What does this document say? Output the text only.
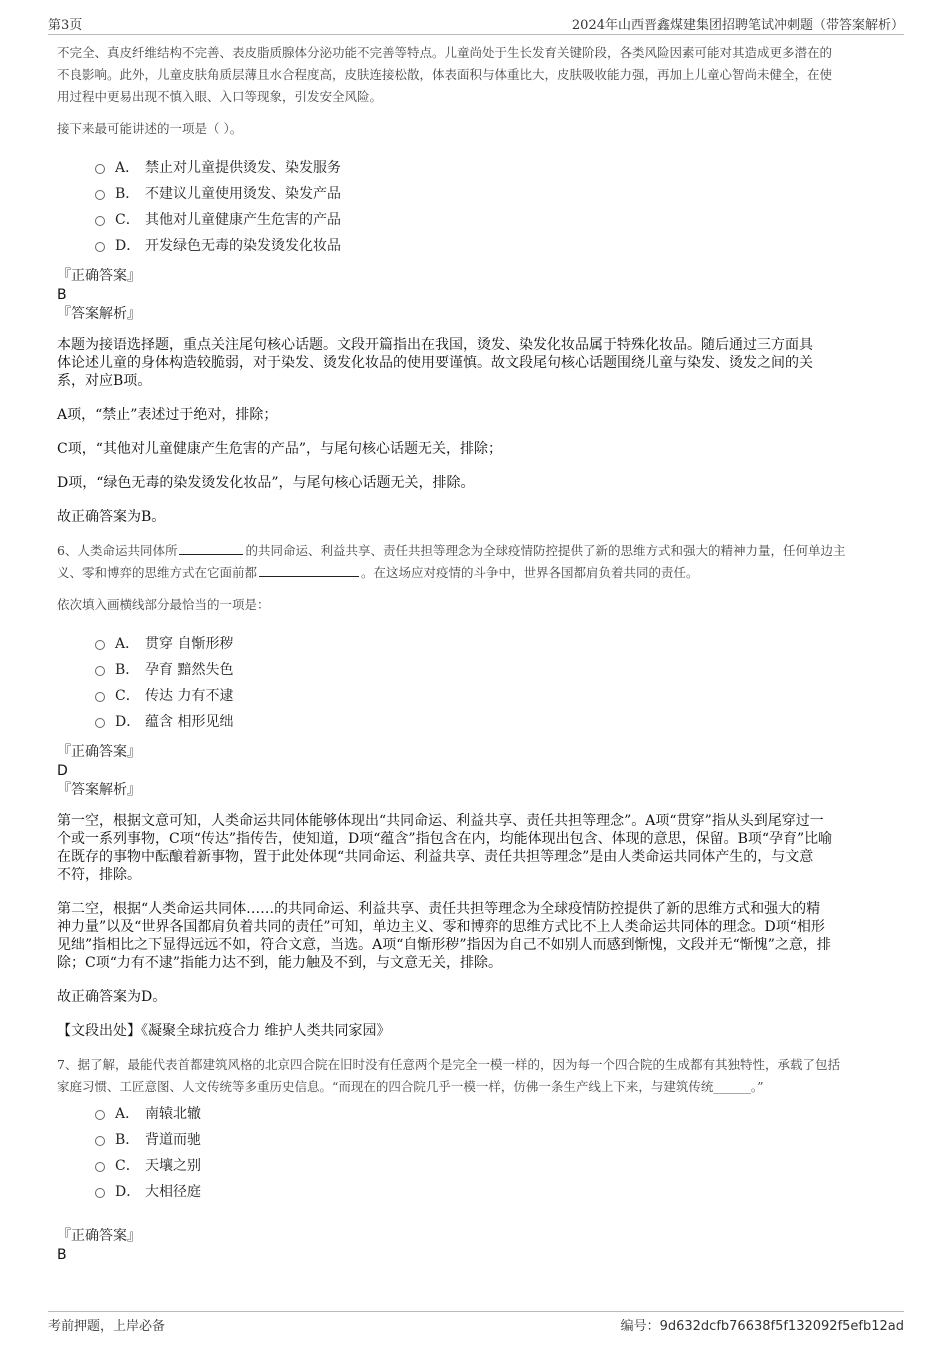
第3页	2024年山西晋鑫煤建集团招聘笔试冲刺题（带答案解析）

不完全、真皮纤维结构不完善、表皮脂质腺体分泌功能不完善等特点。儿童尚处于生长发育关键阶段，各类风险因素可能对其造成更多潜在的

不良影响。此外，儿童皮肤角质层薄且水合程度高，皮肤连接松散，体表面积与体重比大，皮肤吸收能力强，再加上儿童心智尚未健全，在使

用过程中更易出现不慎入眼、入口等现象，引发安全风险。

接下来最可能讲述的一项是（ ）。

A． 禁止对儿童提供烫发、染发服务
B． 不建议儿童使用烫发、染发产品
C． 其他对儿童健康产生危害的产品
D． 开发绿色无毒的染发烫发化妆品

『正确答案』

B

『答案解析』

本题为接语选择题，重点关注尾句核心话题。文段开篇指出在我国，烫发、染发化妆品属于特殊化妆品。随后通过三方面具

体论述儿童的身体构造较脆弱，对于染发、烫发化妆品的使用要谨慎。故文段尾句核心话题围绕儿童与染发、烫发之间的关

系，对应B项。

A项，“禁止”表述过于绝对，排除；

C项，“其他对儿童健康产生危害的产品”，与尾句核心话题无关，排除；

D项，“绿色无毒的染发烫发化妆品”，与尾句核心话题无关，排除。

故正确答案为B。

6、人类命运共同体所	的共同命运、利益共享、责任共担等理念为全球疫情防控提供了新的思维方式和强大的精神力量，任何单边主

义、零和博弈的思维方式在它面前都	。在这场应对疫情的斗争中，世界各国都肩负着共同的责任。

依次填入画横线部分最恰当的一项是：

A． 贯穿 自惭形秽
B． 孕育 黯然失色
C． 传达 力有不逮
D． 蕴含 相形见绌

『正确答案』

D

『答案解析』

第一空，根据文意可知，人类命运共同体能够体现出“共同命运、利益共享、责任共担等理念”。A项“贯穿”指从头到尾穿过一

个或一系列事物，C项“传达”指传告，使知道，D项“蕴含”指包含在内，均能体现出包含、体现的意思，保留。B项“孕育”比喻

在既存的事物中酝酿着新事物，置于此处体现“共同命运、利益共享、责任共担等理念”是由人类命运共同体产生的，与文意

不符，排除。

第二空，根据“人类命运共同体……的共同命运、利益共享、责任共担等理念为全球疫情防控提供了新的思维方式和强大的精

神力量”以及“世界各国都肩负着共同的责任”可知，单边主义、零和博弈的思维方式比不上人类命运共同体的理念。D项“相形

见绌”指相比之下显得远远不如，符合文意，当选。A项“自惭形秽”指因为自己不如别人而感到惭愧，文段并无“惭愧”之意，排

除；C项“力有不逮”指能力达不到，能力触及不到，与文意无关，排除。

故正确答案为D。

【文段出处】《凝聚全球抗疫合力 维护人类共同家园》

7、据了解，最能代表首都建筑风格的北京四合院在旧时没有任意两个是完全一模一样的，因为每一个四合院的生成都有其独特性，承载了包括

家庭习惯、工匠意图、人文传统等多重历史信息。“而现在的四合院几乎一模一样，仿佛一条生产线上下来，与建筑传统______。”

A． 南辕北辙
B． 背道而驰
C． 天壤之别
D． 大相径庭

『正确答案』

B

考前押题，上岸必备	编号：9d632dcfb76638f5f132092f5efb12ad
